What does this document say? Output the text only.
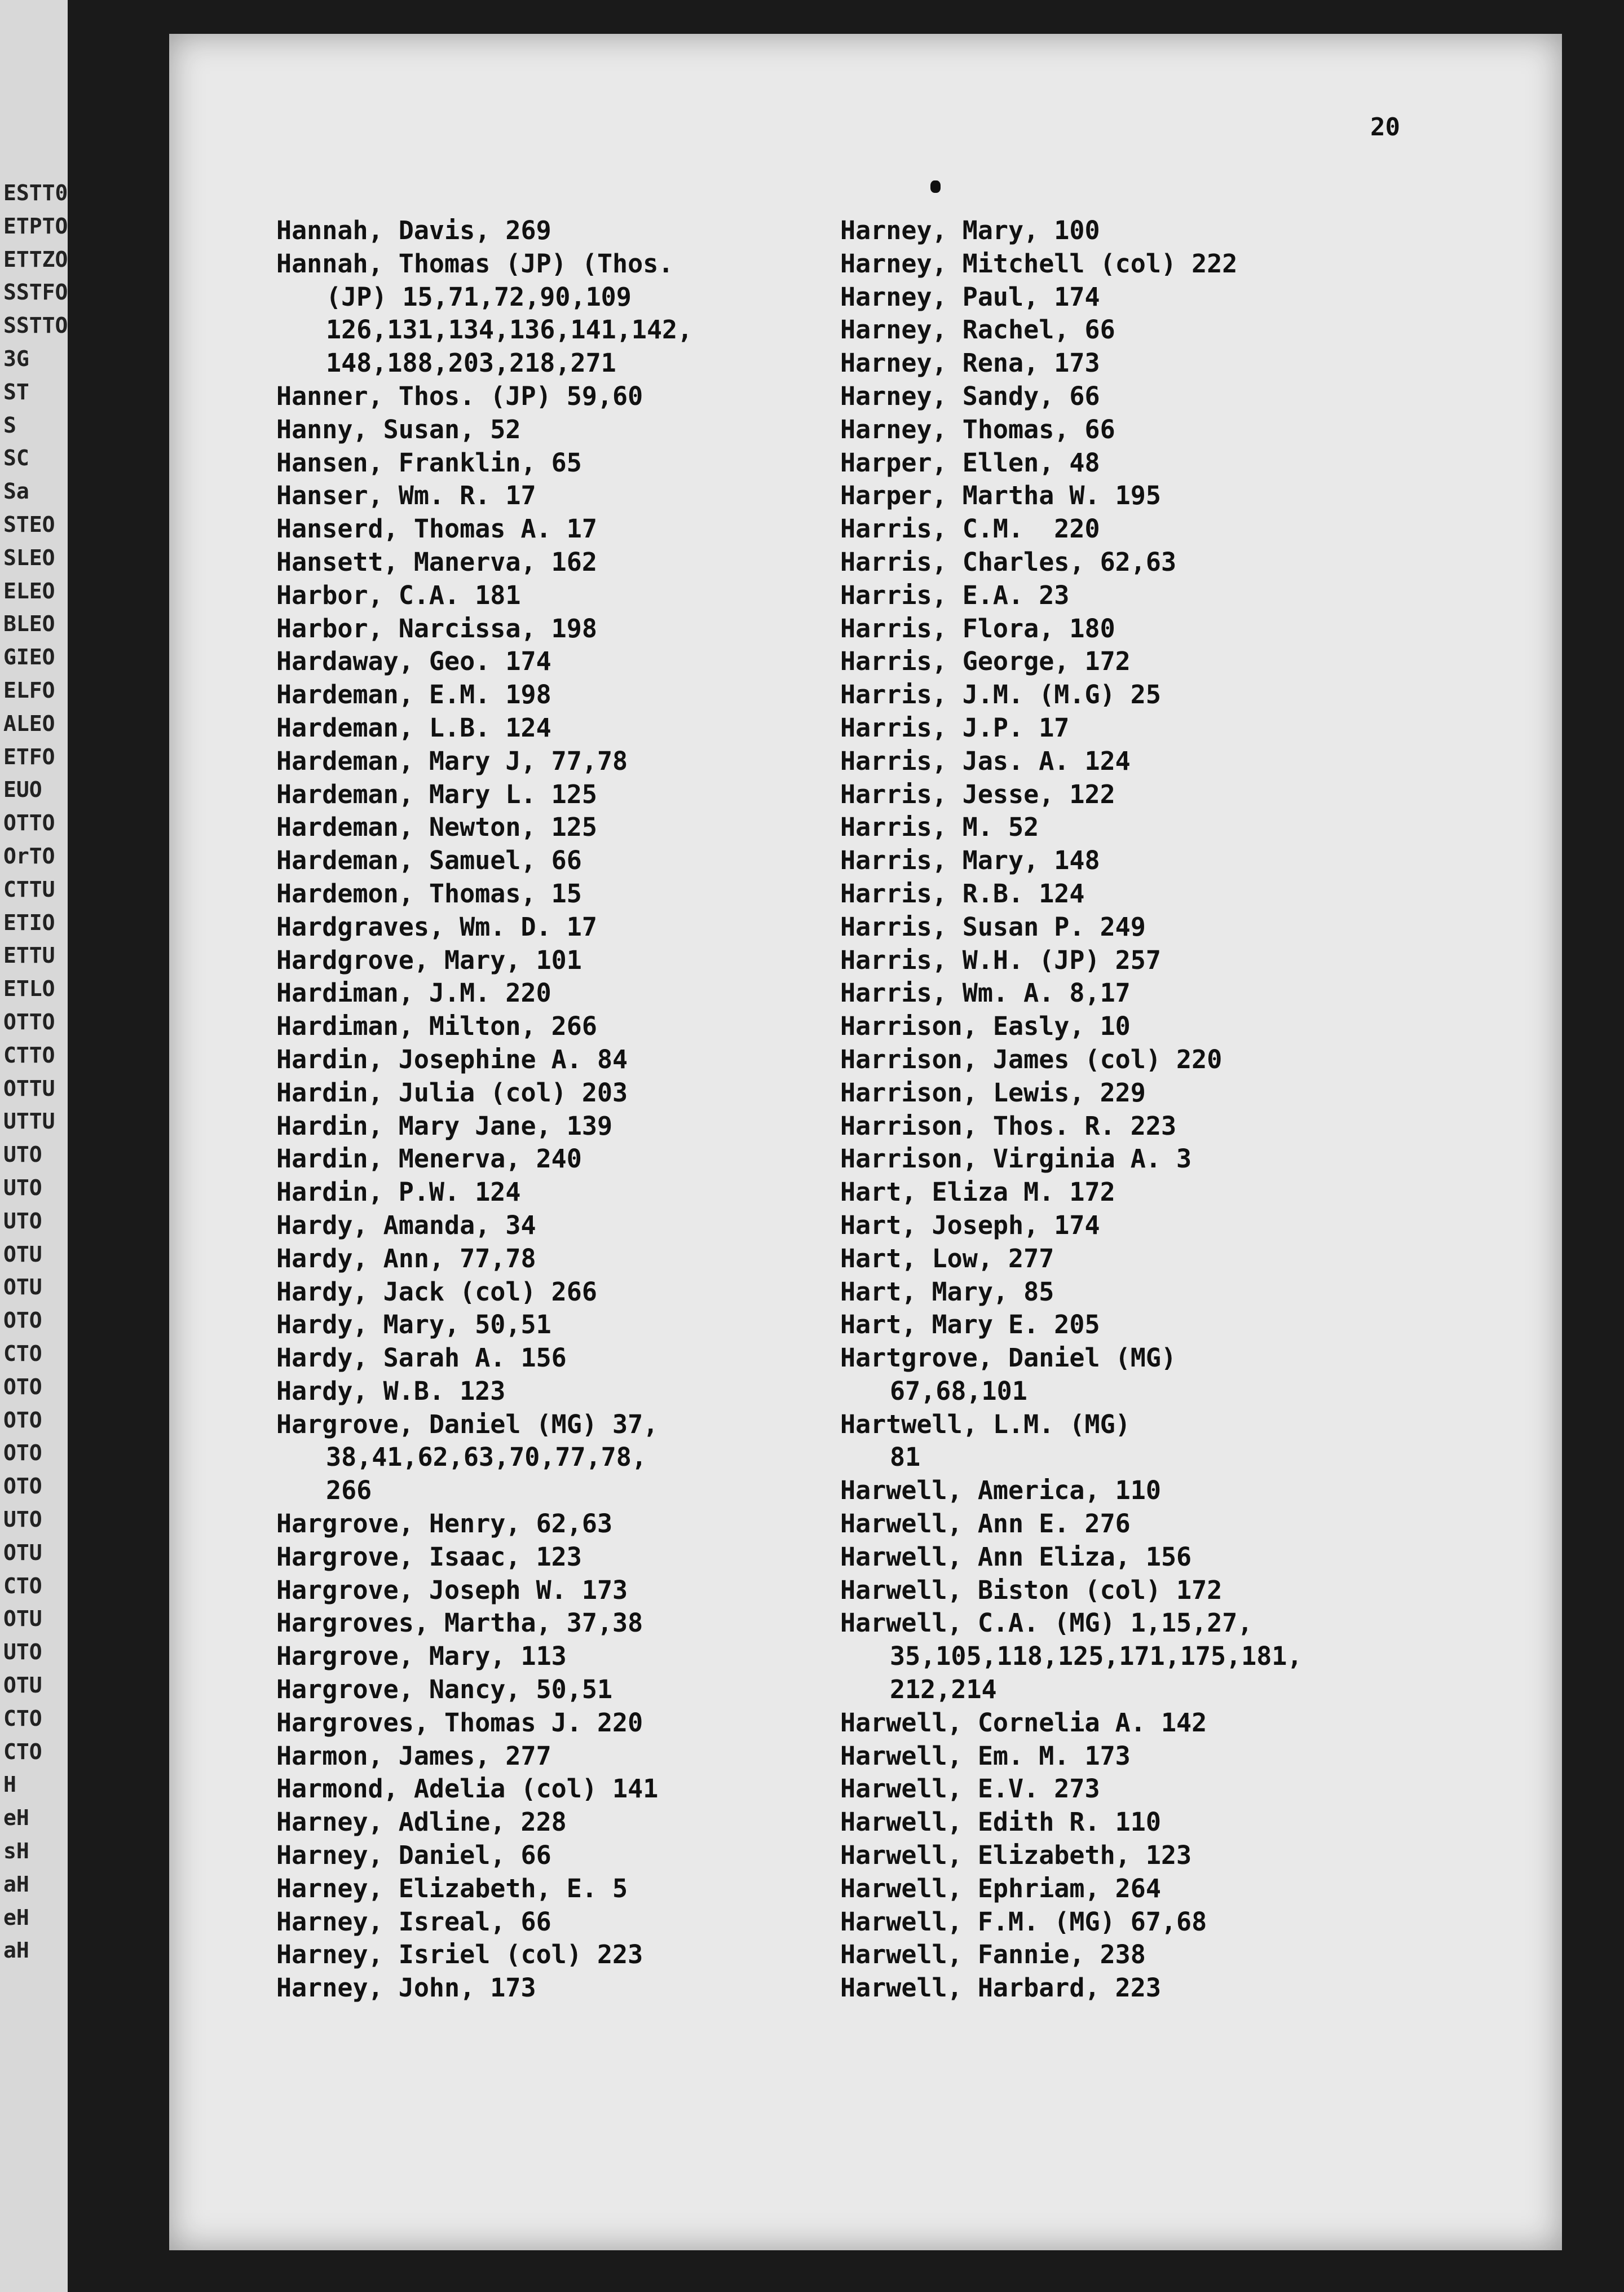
ESTT0
ETPTO
ETTZO
SSTFO
SSTTO
3G
ST
S
SC
Sa
STEO
SLEO
ELEO
BLEO
GIEO
ELFO
ALEO
ETFO
EUO
OTTO
OrTO
CTTU
ETIO
ETTU
ETLO
OTTO
CTTO
OTTU
UTTU
UTO
UTO
UTO
OTU
OTU
OTO
CTO
OTO
OTO
OTO
OTO
UTO
OTU
CTO
OTU
UTO
OTU
CTO
CTO
H
eH
sH
aH
eH
aH
20
Hannah, Davis, 269
Hannah, Thomas (JP) (Thos.
(JP) 15,71,72,90,109
126,131,134,136,141,142,
148,188,203,218,271
Hanner, Thos. (JP) 59,60
Hanny, Susan, 52
Hansen, Franklin, 65
Hanser, Wm. R. 17
Hanserd, Thomas A. 17
Hansett, Manerva, 162
Harbor, C.A. 181
Harbor, Narcissa, 198
Hardaway, Geo. 174
Hardeman, E.M. 198
Hardeman, L.B. 124
Hardeman, Mary J, 77,78
Hardeman, Mary L. 125
Hardeman, Newton, 125
Hardeman, Samuel, 66
Hardemon, Thomas, 15
Hardgraves, Wm. D. 17
Hardgrove, Mary, 101
Hardiman, J.M. 220
Hardiman, Milton, 266
Hardin, Josephine A. 84
Hardin, Julia (col) 203
Hardin, Mary Jane, 139
Hardin, Menerva, 240
Hardin, P.W. 124
Hardy, Amanda, 34
Hardy, Ann, 77,78
Hardy, Jack (col) 266
Hardy, Mary, 50,51
Hardy, Sarah A. 156
Hardy, W.B. 123
Hargrove, Daniel (MG) 37,
38,41,62,63,70,77,78,
266
Hargrove, Henry, 62,63
Hargrove, Isaac, 123
Hargrove, Joseph W. 173
Hargroves, Martha, 37,38
Hargrove, Mary, 113
Hargrove, Nancy, 50,51
Hargroves, Thomas J. 220
Harmon, James, 277
Harmond, Adelia (col) 141
Harney, Adline, 228
Harney, Daniel, 66
Harney, Elizabeth, E. 5
Harney, Isreal, 66
Harney, Isriel (col) 223
Harney, John, 173
Harney, Mary, 100
Harney, Mitchell (col) 222
Harney, Paul, 174
Harney, Rachel, 66
Harney, Rena, 173
Harney, Sandy, 66
Harney, Thomas, 66
Harper, Ellen, 48
Harper, Martha W. 195
Harris, C.M.  220
Harris, Charles, 62,63
Harris, E.A. 23
Harris, Flora, 180
Harris, George, 172
Harris, J.M. (M.G) 25
Harris, J.P. 17
Harris, Jas. A. 124
Harris, Jesse, 122
Harris, M. 52
Harris, Mary, 148
Harris, R.B. 124
Harris, Susan P. 249
Harris, W.H. (JP) 257
Harris, Wm. A. 8,17
Harrison, Easly, 10
Harrison, James (col) 220
Harrison, Lewis, 229
Harrison, Thos. R. 223
Harrison, Virginia A. 3
Hart, Eliza M. 172
Hart, Joseph, 174
Hart, Low, 277
Hart, Mary, 85
Hart, Mary E. 205
Hartgrove, Daniel (MG)
67,68,101
Hartwell, L.M. (MG)
81
Harwell, America, 110
Harwell, Ann E. 276
Harwell, Ann Eliza, 156
Harwell, Biston (col) 172
Harwell, C.A. (MG) 1,15,27,
35,105,118,125,171,175,181,
212,214
Harwell, Cornelia A. 142
Harwell, Em. M. 173
Harwell, E.V. 273
Harwell, Edith R. 110
Harwell, Elizabeth, 123
Harwell, Ephriam, 264
Harwell, F.M. (MG) 67,68
Harwell, Fannie, 238
Harwell, Harbard, 223
